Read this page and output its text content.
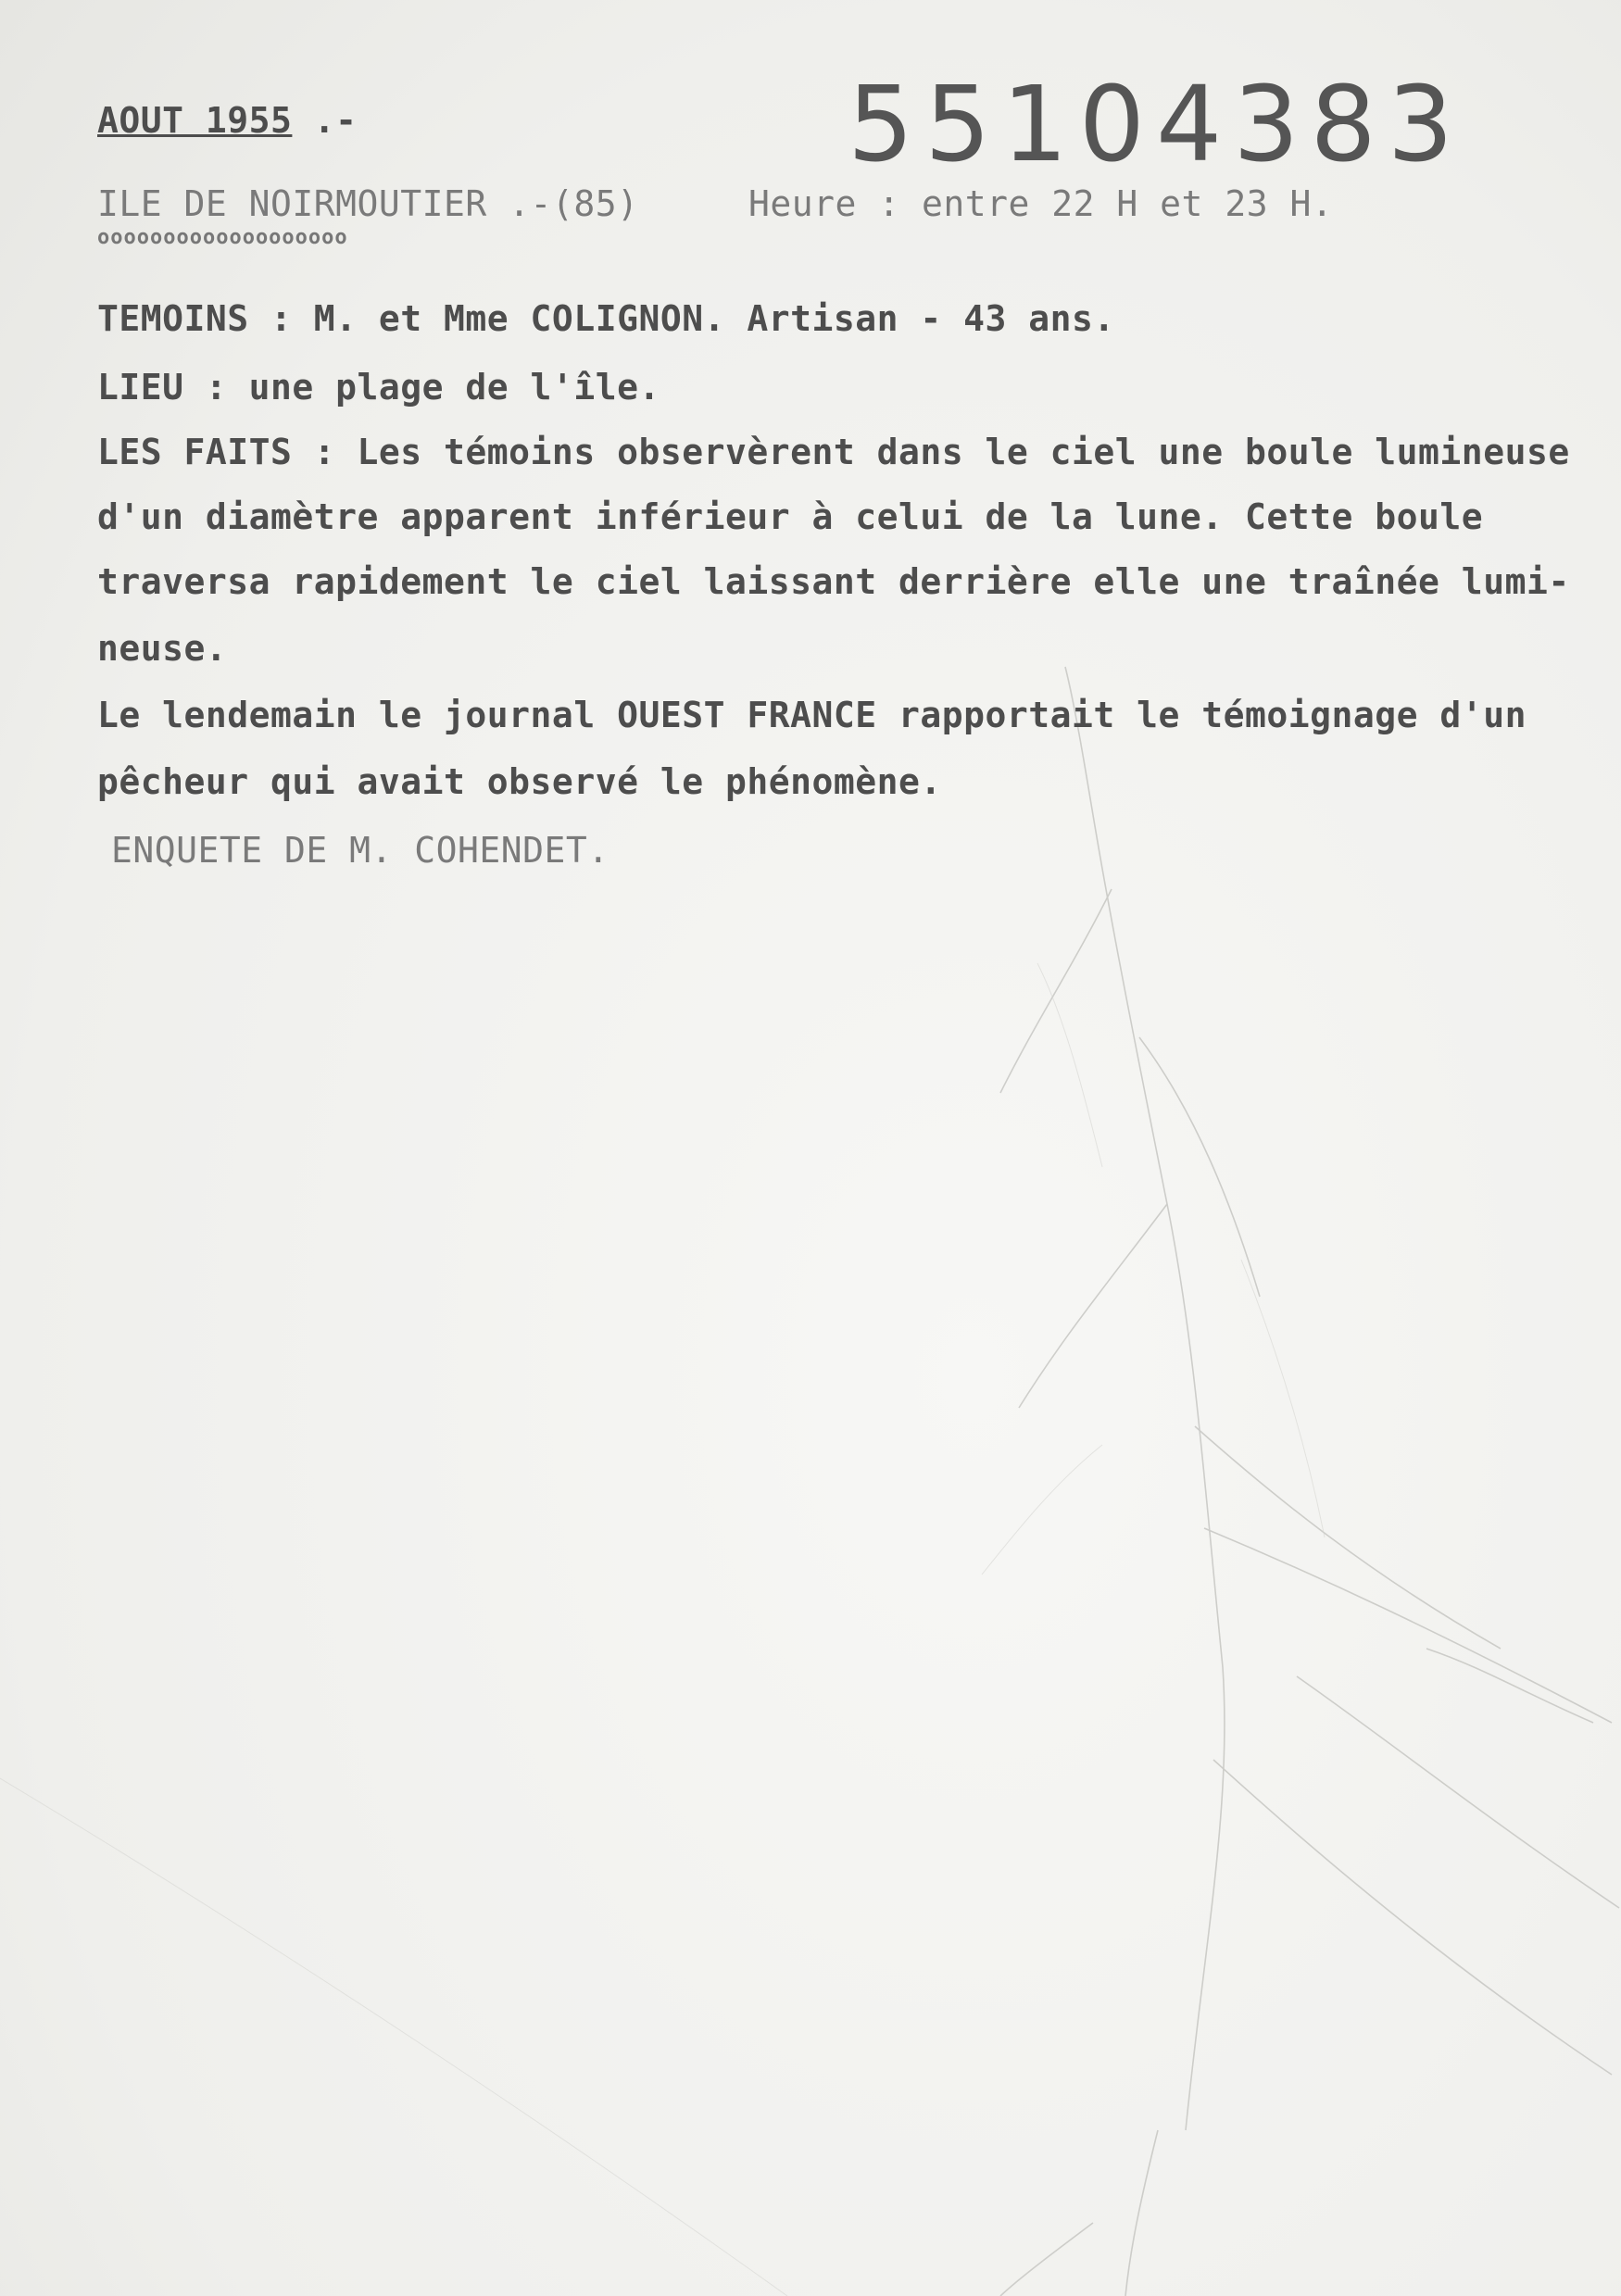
AOUT 1955 .-	55104383
ILE DE NOIRMOUTIER .-(85)	Heure : entre 22 H et 23 H.
ooooooooooooooooooo
TEMOINS : M. et Mme COLIGNON. Artisan - 43 ans.
LIEU : une plage de l'île.
LES FAITS : Les témoins observèrent dans le ciel une boule lumineuse
d'un diamètre apparent inférieur à celui de la lune. Cette boule
traversa rapidement le ciel laissant derrière elle une traînée lumi-
neuse.
Le lendemain le journal OUEST FRANCE rapportait le témoignage d'un
pêcheur qui avait observé le phénomène.
ENQUETE DE M. COHENDET.
